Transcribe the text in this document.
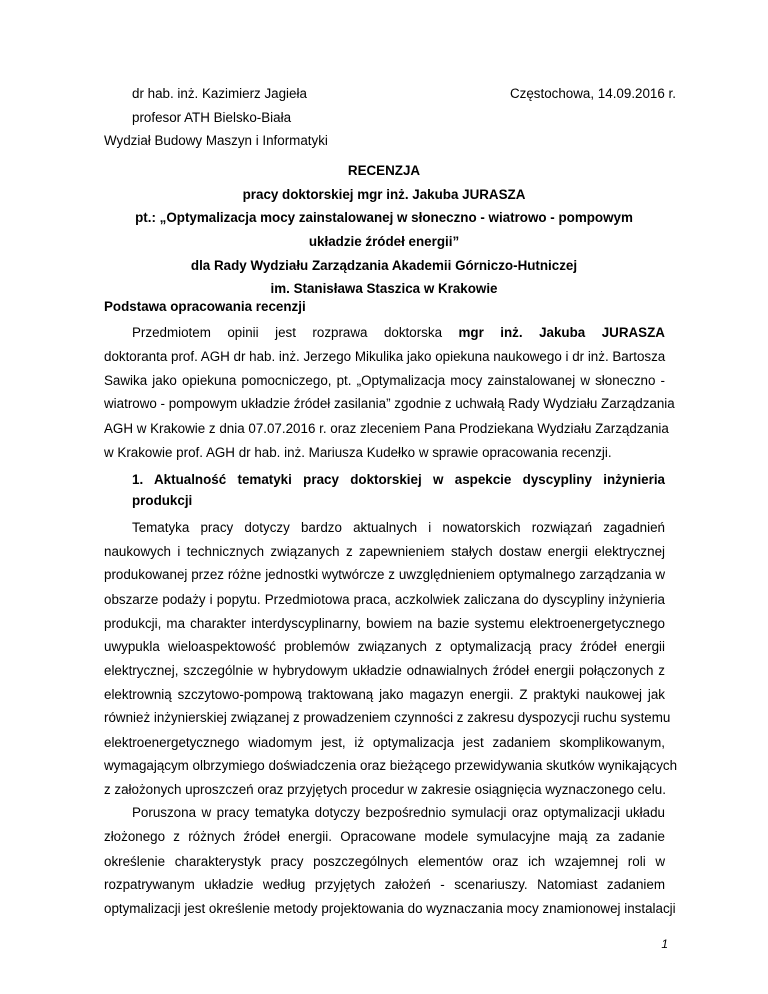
dr hab. inż. Kazimierz Jagieła	Częstochowa, 14.09.2016 r.
profesor ATH Bielsko-Biała
Wydział Budowy Maszyn i Informatyki
RECENZJA
pracy doktorskiej mgr inż. Jakuba JURASZA
pt.: „Optymalizacja mocy zainstalowanej w słoneczno - wiatrowo - pompowym
układzie źródeł energii”
dla Rady Wydziału Zarządzania Akademii Górniczo-Hutniczej
im. Stanisława Staszica w Krakowie
Podstawa opracowania recenzji
Przedmiotem opinii jest rozprawa doktorska mgr inż. Jakuba JURASZA
doktoranta prof. AGH dr hab. inż. Jerzego Mikulika jako opiekuna naukowego i dr inż. Bartosza
Sawika jako opiekuna pomocniczego, pt. „Optymalizacja mocy zainstalowanej w słoneczno -
wiatrowo - pompowym układzie źródeł zasilania” zgodnie z uchwałą Rady Wydziału Zarządzania
AGH w Krakowie z dnia 07.07.2016 r. oraz zleceniem Pana Prodziekana Wydziału Zarządzania
w Krakowie prof. AGH dr hab. inż. Mariusza Kudełko w sprawie opracowania recenzji.
1. Aktualność tematyki pracy doktorskiej w aspekcie dyscypliny inżynieria
produkcji
Tematyka pracy dotyczy bardzo aktualnych i nowatorskich rozwiązań zagadnień
naukowych i technicznych związanych z zapewnieniem stałych dostaw energii elektrycznej
produkowanej przez różne jednostki wytwórcze z uwzględnieniem optymalnego zarządzania w
obszarze podaży i popytu. Przedmiotowa praca, aczkolwiek zaliczana do dyscypliny inżynieria
produkcji, ma charakter interdyscyplinarny, bowiem na bazie systemu elektroenergetycznego
uwypukla wieloaspektowość problemów związanych z optymalizacją pracy źródeł energii
elektrycznej, szczególnie w hybrydowym układzie odnawialnych źródeł energii połączonych z
elektrownią szczytowo-pompową traktowaną jako magazyn energii. Z praktyki naukowej jak
również inżynierskiej związanej z prowadzeniem czynności z zakresu dyspozycji ruchu systemu
elektroenergetycznego wiadomym jest, iż optymalizacja jest zadaniem skomplikowanym,
wymagającym olbrzymiego doświadczenia oraz bieżącego przewidywania skutków wynikających
z założonych uproszczeń oraz przyjętych procedur w zakresie osiągnięcia wyznaczonego celu.
Poruszona w pracy tematyka dotyczy bezpośrednio symulacji oraz optymalizacji układu
złożonego z różnych źródeł energii. Opracowane modele symulacyjne mają za zadanie
określenie charakterystyk pracy poszczególnych elementów oraz ich wzajemnej roli w
rozpatrywanym układzie według przyjętych założeń - scenariuszy. Natomiast zadaniem
optymalizacji jest określenie metody projektowania do wyznaczania mocy znamionowej instalacji
1
